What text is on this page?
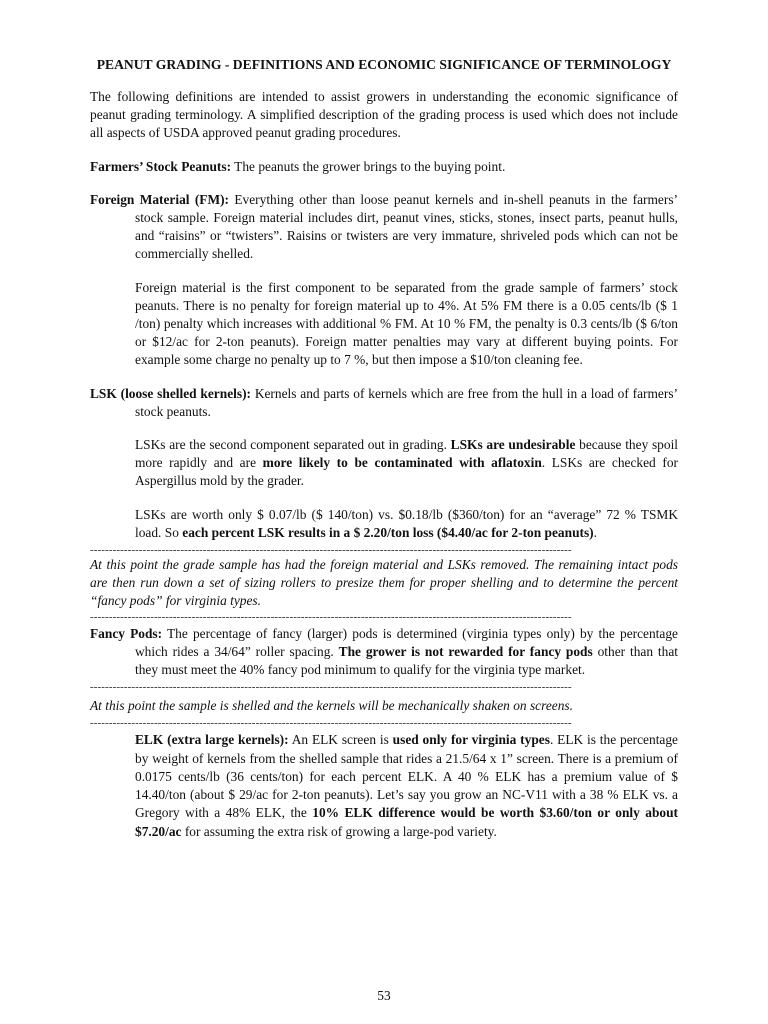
PEANUT GRADING - DEFINITIONS AND ECONOMIC SIGNIFICANCE OF TERMINOLOGY

The following definitions are intended to assist growers in understanding the economic significance of peanut grading terminology. A simplified description of the grading process is used which does not include all aspects of USDA approved peanut grading procedures.

Farmers’ Stock Peanuts: The peanuts the grower brings to the buying point.

Foreign Material (FM): Everything other than loose peanut kernels and in-shell peanuts in the farmers’ stock sample. Foreign material includes dirt, peanut vines, sticks, stones, insect parts, peanut hulls, and “raisins” or “twisters”. Raisins or twisters are very immature, shriveled pods which can not be commercially shelled.

Foreign material is the first component to be separated from the grade sample of farmers’ stock peanuts. There is no penalty for foreign material up to 4%. At 5% FM there is a 0.05 cents/lb ($ 1 /ton) penalty which increases with additional % FM. At 10 % FM, the penalty is 0.3 cents/lb ($ 6/ton or $12/ac for 2-ton peanuts). Foreign matter penalties may vary at different buying points. For example some charge no penalty up to 7 %, but then impose a $10/ton cleaning fee.

LSK (loose shelled kernels): Kernels and parts of kernels which are free from the hull in a load of farmers’ stock peanuts.

LSKs are the second component separated out in grading. LSKs are undesirable because they spoil more rapidly and are more likely to be contaminated with aflatoxin. LSKs are checked for Aspergillus mold by the grader.

LSKs are worth only $ 0.07/lb ($ 140/ton) vs. $0.18/lb ($360/ton) for an “average” 72 % TSMK load. So each percent LSK results in a $ 2.20/ton loss ($4.40/ac for 2-ton peanuts).

--------------------------------------------------------------------------------------------------------------------------------

At this point the grade sample has had the foreign material and LSKs removed. The remaining intact pods are then run down a set of sizing rollers to presize them for proper shelling and to determine the percent “fancy pods” for virginia types.

--------------------------------------------------------------------------------------------------------------------------------

Fancy Pods: The percentage of fancy (larger) pods is determined (virginia types only) by the percentage which rides a 34/64” roller spacing. The grower is not rewarded for fancy pods other than that they must meet the 40% fancy pod minimum to qualify for the virginia type market.

--------------------------------------------------------------------------------------------------------------------------------

At this point the sample is shelled and the kernels will be mechanically shaken on screens.

--------------------------------------------------------------------------------------------------------------------------------

ELK (extra large kernels): An ELK screen is used only for virginia types. ELK is the percentage by weight of kernels from the shelled sample that rides a 21.5/64 x 1” screen. There is a premium of 0.0175 cents/lb (36 cents/ton) for each percent ELK. A 40 % ELK has a premium value of $ 14.40/ton (about $ 29/ac for 2-ton peanuts). Let’s say you grow an NC-V11 with a 38 % ELK vs. a Gregory with a 48% ELK, the 10% ELK difference would be worth $3.60/ton or only about $7.20/ac for assuming the extra risk of growing a large-pod variety.

53
